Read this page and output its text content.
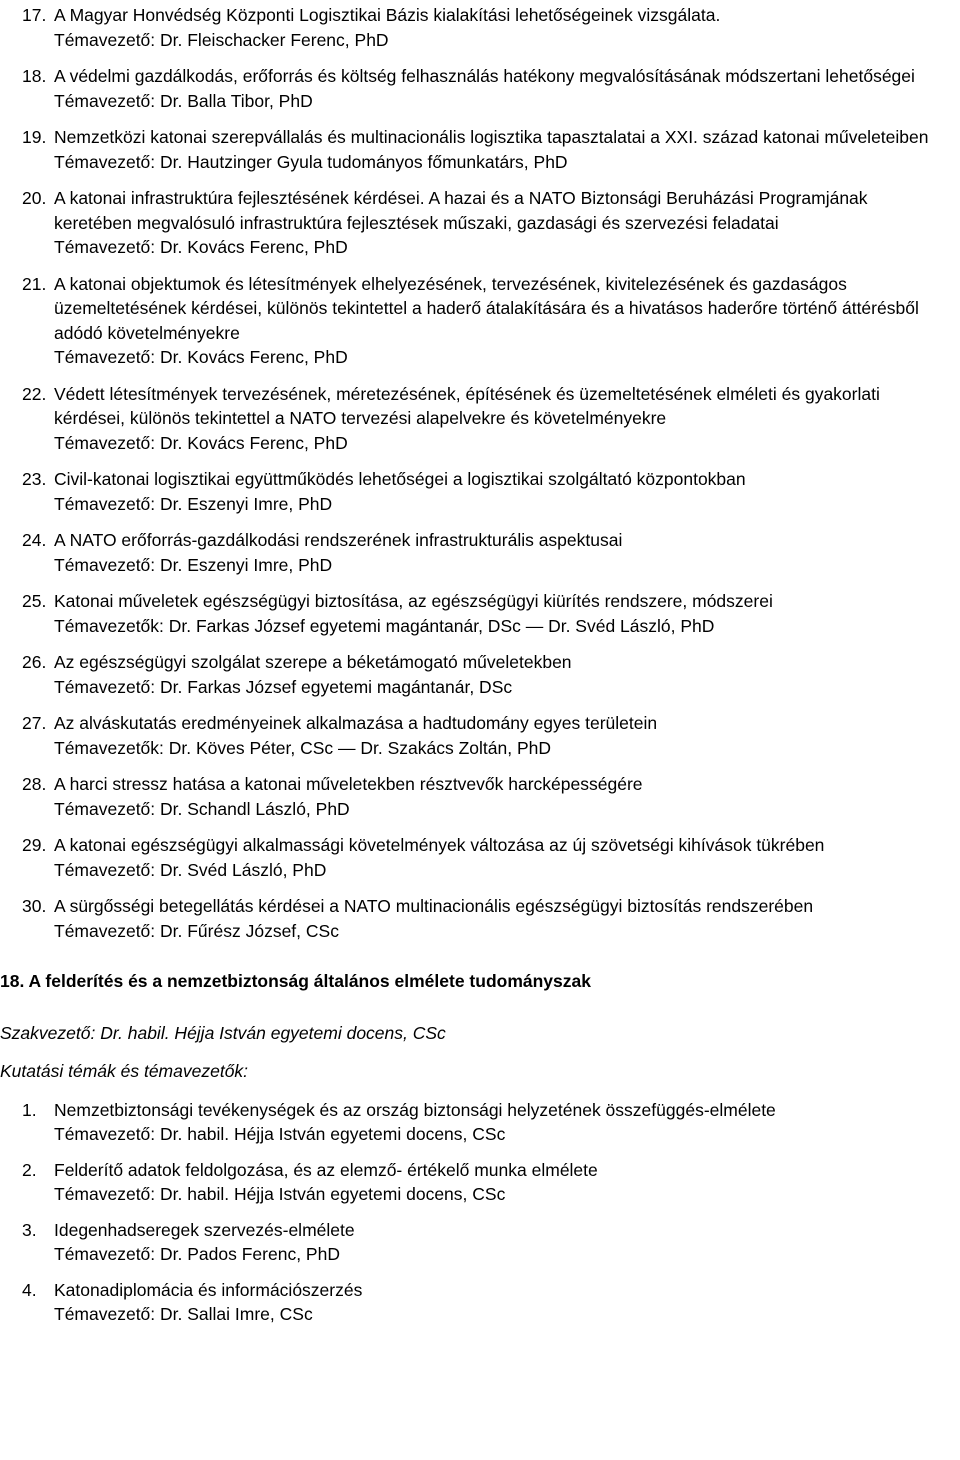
17. A Magyar Honvédség Központi Logisztikai Bázis kialakítási lehetőségeinek vizsgálata.
Témavezető: Dr. Fleischacker Ferenc, PhD
18. A védelmi gazdálkodás, erőforrás és költség felhasználás hatékony megvalósításának módszertani lehetőségei
Témavezető: Dr. Balla Tibor, PhD
19. Nemzetközi katonai szerepvállalás és multinacionális logisztika tapasztalatai a XXI. század katonai műveleteiben
Témavezető: Dr. Hautzinger Gyula tudományos főmunkatárs, PhD
20. A katonai infrastruktúra fejlesztésének kérdései. A hazai és a NATO Biztonsági Beruházási Programjának keretében megvalósuló infrastruktúra fejlesztések műszaki, gazdasági és szervezési feladatai
Témavezető: Dr. Kovács Ferenc, PhD
21. A katonai objektumok és létesítmények elhelyezésének, tervezésének, kivitelezésének és gazdaságos üzemeltetésének kérdései, különös tekintettel a haderő átalakítására és a hivatásos haderőre történő áttérésből adódó követelményekre
Témavezető: Dr. Kovács Ferenc, PhD
22. Védett létesítmények tervezésének, méretezésének, építésének és üzemeltetésének elméleti és gyakorlati kérdései, különös tekintettel a NATO tervezési alapelvekre és követelményekre
Témavezető: Dr. Kovács Ferenc, PhD
23. Civil-katonai logisztikai együttműködés lehetőségei a logisztikai szolgáltató központokban
Témavezető: Dr. Eszenyi Imre, PhD
24. A NATO erőforrás-gazdálkodási rendszerének infrastrukturális aspektusai
Témavezető: Dr. Eszenyi Imre, PhD
25. Katonai műveletek egészségügyi biztosítása, az egészségügyi kiürítés rendszere, módszerei
Témavezetők: Dr. Farkas József egyetemi magántanár, DSc — Dr. Svéd László, PhD
26. Az egészségügyi szolgálat szerepe a béketámogató műveletekben
Témavezető: Dr. Farkas József egyetemi magántanár, DSc
27. Az alváskutatás eredményeinek alkalmazása a hadtudomány egyes területein
Témavezetők: Dr. Köves Péter, CSc — Dr. Szakács Zoltán, PhD
28. A harci stressz hatása a katonai műveletekben résztvevők harcképességére
Témavezető: Dr. Schandl László, PhD
29. A katonai egészségügyi alkalmassági követelmények változása az új szövetségi kihívások tükrében
Témavezető: Dr. Svéd László, PhD
30. A sürgősségi betegellátás kérdései a NATO multinacionális egészségügyi biztosítás rendszerében
Témavezető: Dr. Fűrész József, CSc
18. A felderítés és a nemzetbiztonság általános elmélete tudományszak
Szakvezető: Dr. habil. Héjja István egyetemi docens, CSc
Kutatási témák és témavezetők:
1. Nemzetbiztonsági tevékenységek és az ország biztonsági helyzetének összefüggés-elmélete
Témavezető: Dr. habil. Héjja István egyetemi docens, CSc
2. Felderítő adatok feldolgozása, és az elemző- értékelő munka elmélete
Témavezető: Dr. habil. Héjja István egyetemi docens, CSc
3. Idegenhadseregek szervezés-elmélete
Témavezető: Dr. Pados Ferenc, PhD
4. Katonadiplomácia és információszerzés
Témavezető: Dr. Sallai Imre, CSc
